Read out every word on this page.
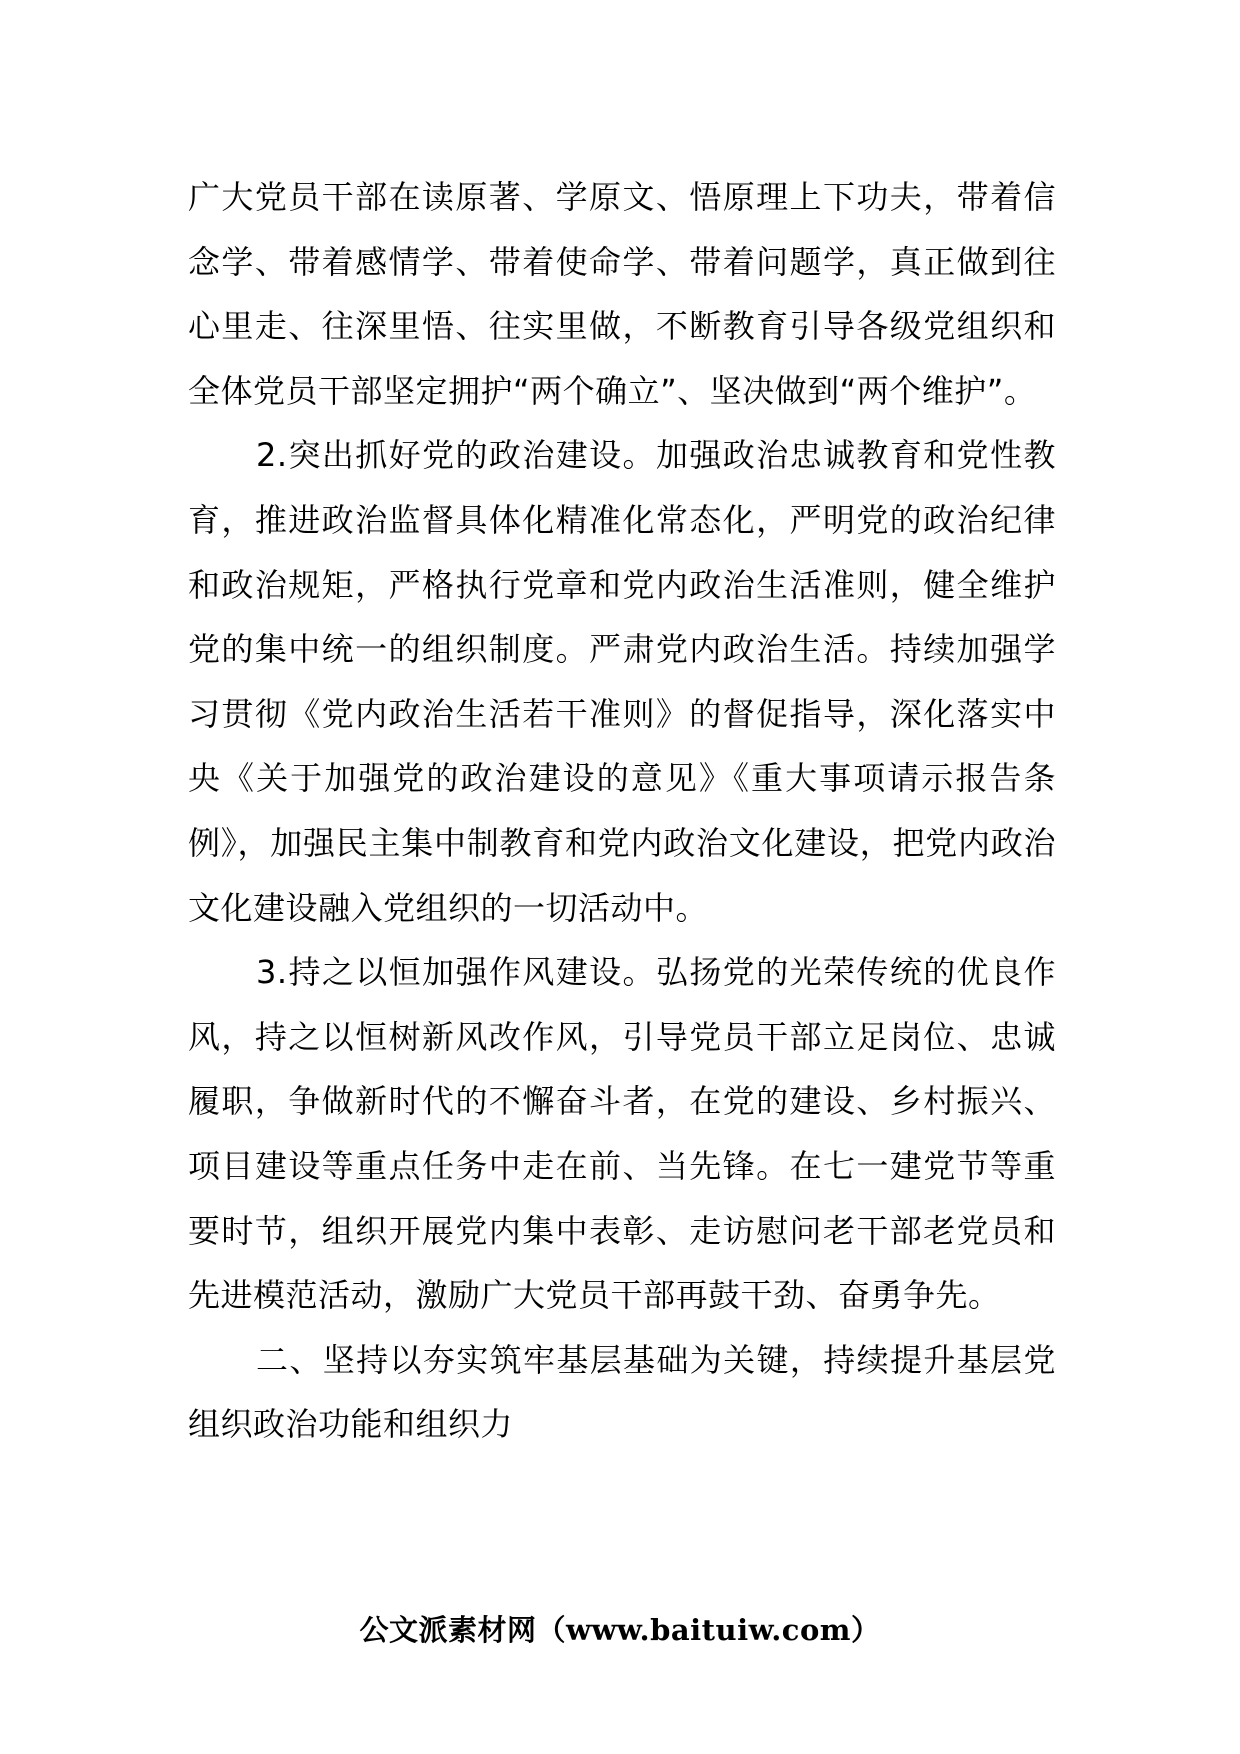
广大党员干部在读原著、学原文、悟原理上下功夫，带着信念学、带着感情学、带着使命学、带着问题学，真正做到往心里走、往深里悟、往实里做，不断教育引导各级党组织和全体党员干部坚定拥护“两个确立”、坚决做到“两个维护”。

2.突出抓好党的政治建设。加强政治忠诚教育和党性教育，推进政治监督具体化精准化常态化，严明党的政治纪律和政治规矩，严格执行党章和党内政治生活准则，健全维护党的集中统一的组织制度。严肃党内政治生活。持续加强学习贯彻《党内政治生活若干准则》的督促指导，深化落实中央《关于加强党的政治建设的意见》《重大事项请示报告条例》，加强民主集中制教育和党内政治文化建设，把党内政治文化建设融入党组织的一切活动中。

3.持之以恒加强作风建设。弘扬党的光荣传统的优良作风，持之以恒树新风改作风，引导党员干部立足岗位、忠诚履职，争做新时代的不懈奋斗者，在党的建设、乡村振兴、项目建设等重点任务中走在前、当先锋。在七一建党节等重要时节，组织开展党内集中表彰、走访慰问老干部老党员和先进模范活动，激励广大党员干部再鼓干劲、奋勇争先。

二、坚持以夯实筑牢基层基础为关键，持续提升基层党组织政治功能和组织力

公文派素材网（www.baituiw.com）
